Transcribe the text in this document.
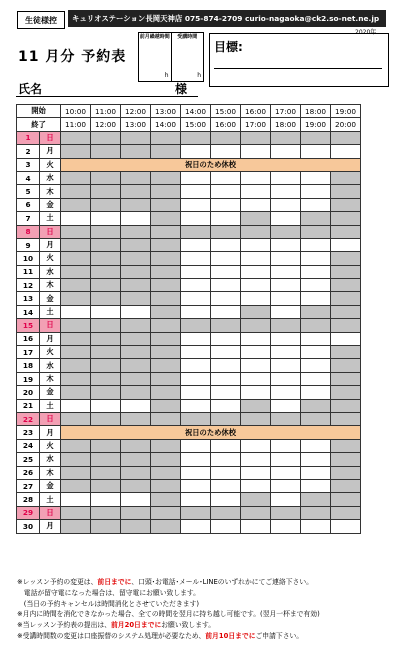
生徒様控	キュリオステーション長岡天神店 075-874-2709 curio-nagaoka@ck2.so-net.ne.jp
2020年
11 月分 予約表
前月繰越時間
h
受講時間
h
目標:
氏名	様
開始		10:00	11:00	12:00	13:00	14:00	15:00	16:00	17:00	18:00	19:00
終了		11:00	12:00	13:00	14:00	15:00	16:00	17:00	18:00	19:00	20:00
1	日										
2	月										
3	火	祝日のため休校									
4	水										
5	木										
6	金										
7	土										
8	日										
9	月										
10	火										
11	水										
12	木										
13	金										
14	土										
15	日										
16	月										
17	火										
18	水										
19	木										
20	金										
21	土										
22	日										
23	月	祝日のため休校									
24	火										
25	水										
26	木										
27	金										
28	土										
29	日										
30	月										

※レッスン予約の変更は、前日までに、口頭･お電話･メール･LINEのいずれかにてご連絡下さい。

　電話が留守電になった場合は、留守電にお願い致します。

　(当日の予約キャンセルは時間消化とさせていただきます)

※月内に時間を消化できなかった場合、全ての時間を翌月に持ち越し可能です。(翌月一杯まで有効)

※当レッスン予約表の提出は、前月20日までにお願い致します。

※受講時間数の変更は口座振替のシステム処理が必要なため、前月10日までにご申請下さい。
